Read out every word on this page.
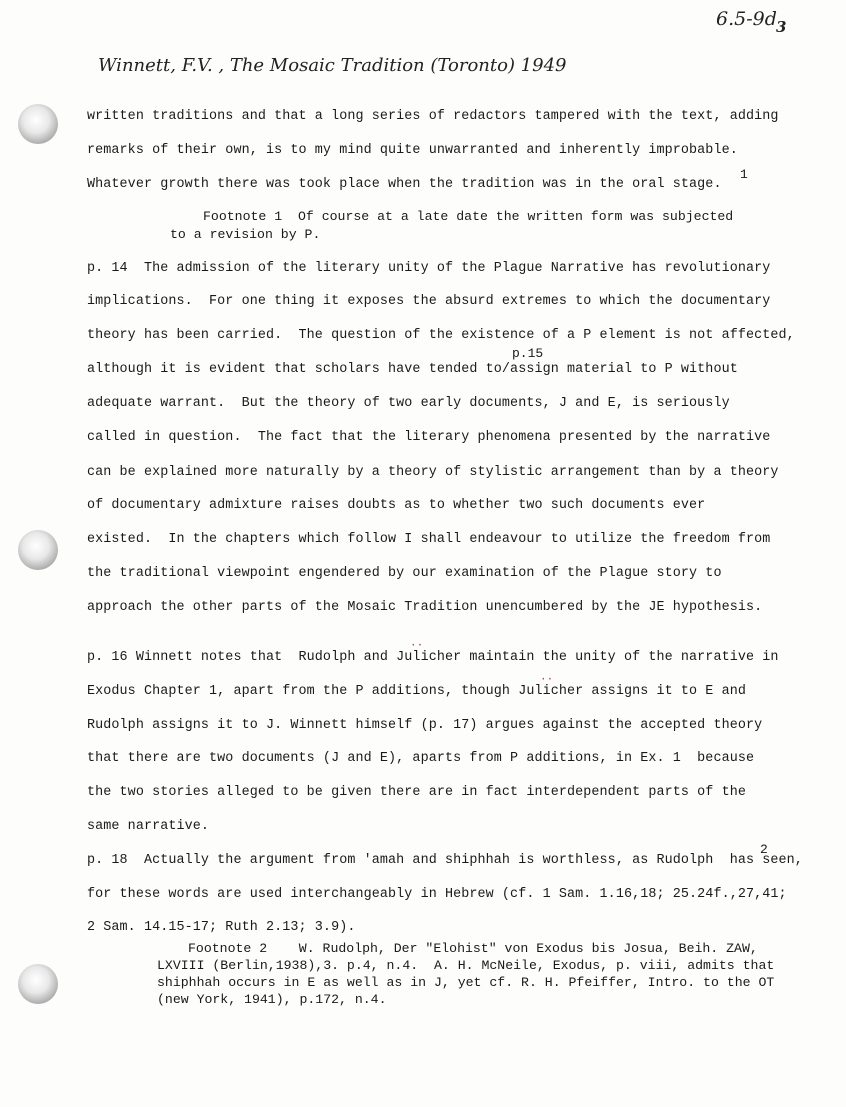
6.5-9d 3
Winnett, F.V. , The Mosaic Tradition (Toronto) 1949
written traditions and that a long series of redactors tampered with the text, adding
remarks of their own, is to my mind quite unwarranted and inherently improbable.
Whatever growth there was took place when the tradition was in the oral stage.
1
Footnote 1  Of course at a late date the written form was subjected
to a revision by P.
p. 14  The admission of the literary unity of the Plague Narrative has revolutionary
implications.  For one thing it exposes the absurd extremes to which the documentary
theory has been carried.  The question of the existence of a P element is not affected,
p.15
although it is evident that scholars have tended to/assign material to P without
adequate warrant.  But the theory of two early documents, J and E, is seriously
called in question.  The fact that the literary phenomena presented by the narrative
can be explained more naturally by a theory of stylistic arrangement than by a theory
of documentary admixture raises doubts as to whether two such documents ever
existed.  In the chapters which follow I shall endeavour to utilize the freedom from
the traditional viewpoint engendered by our examination of the Plague story to
approach the other parts of the Mosaic Tradition unencumbered by the JE hypothesis.
p. 16 Winnett notes that  Rudolph and Julicher maintain the unity of the narrative in
Exodus Chapter 1, apart from the P additions, though Julicher assigns it to E and
Rudolph assigns it to J. Winnett himself (p. 17) argues against the accepted theory
that there are two documents (J and E), aparts from P additions, in Ex. 1  because
the two stories alleged to be given there are in fact interdependent parts of the
same narrative.
··
··
p. 18  Actually the argument from 'amah and shiphhah is worthless, as Rudolph  has seen,
2
for these words are used interchangeably in Hebrew (cf. 1 Sam. 1.16,18; 25.24f.,27,41;
2 Sam. 14.15-17; Ruth 2.13; 3.9).
Footnote 2    W. Rudolph, Der "Elohist" von Exodus bis Josua, Beih. ZAW,
LXVIII (Berlin,1938),3. p.4, n.4.  A. H. McNeile, Exodus, p. viii, admits that
shiphhah occurs in E as well as in J, yet cf. R. H. Pfeiffer, Intro. to the OT
(new York, 1941), p.172, n.4.
